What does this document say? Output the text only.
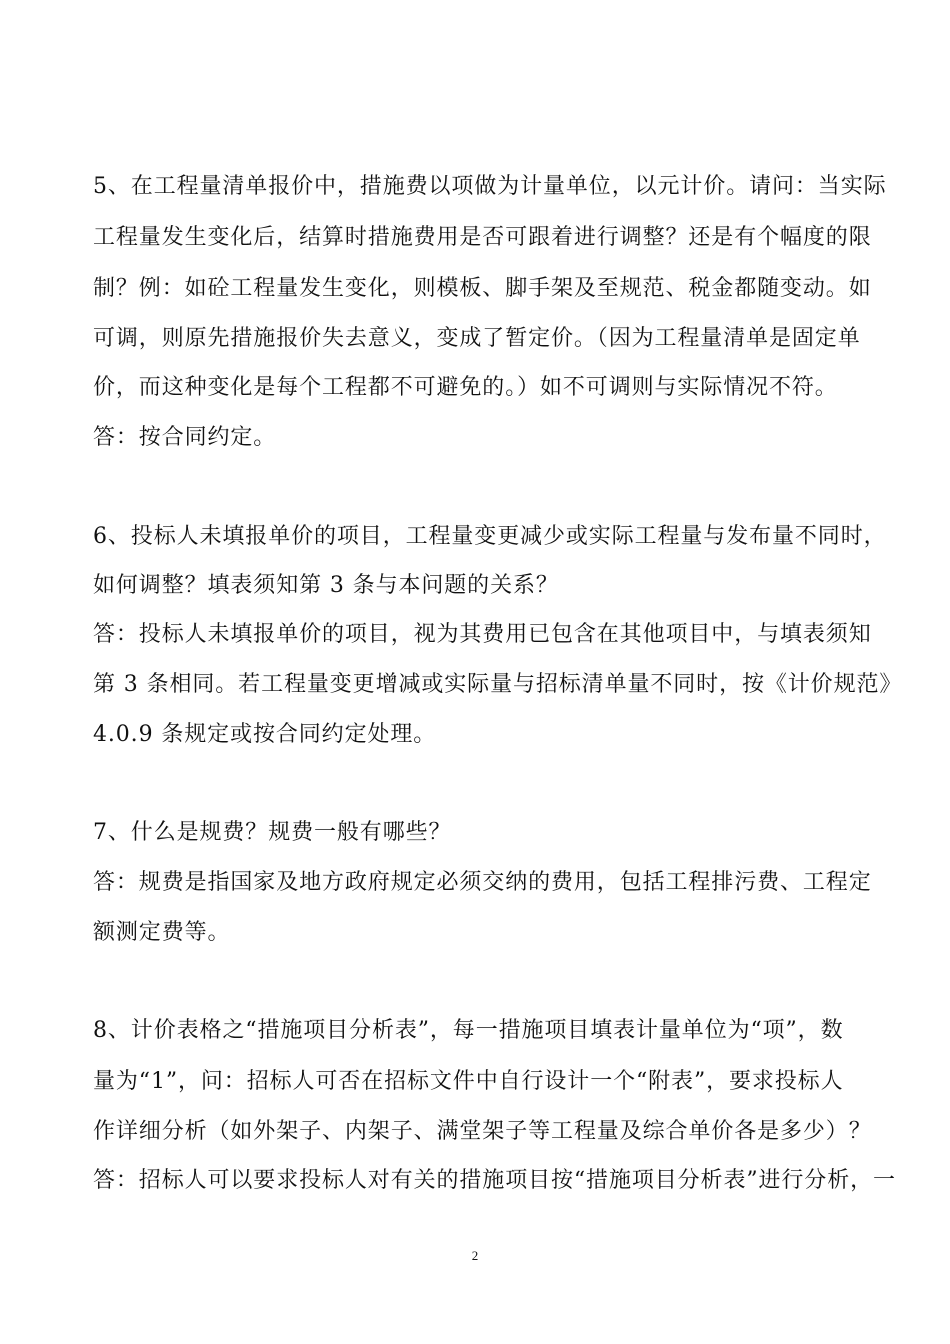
5、在工程量清单报价中，措施费以项做为计量单位，以元计价。请问：当实际
工程量发生变化后，结算时措施费用是否可跟着进行调整？还是有个幅度的限
制？例：如砼工程量发生变化，则模板、脚手架及至规范、税金都随变动。如
可调，则原先措施报价失去意义，变成了暂定价。（因为工程量清单是固定单
价，而这种变化是每个工程都不可避免的。）如不可调则与实际情况不符。
答：按合同约定。
6、投标人未填报单价的项目，工程量变更减少或实际工程量与发布量不同时，
如何调整？填表须知第 3 条与本问题的关系？
答：投标人未填报单价的项目，视为其费用已包含在其他项目中，与填表须知
第 3 条相同。若工程量变更增减或实际量与招标清单量不同时，按《计价规范》
4.0.9 条规定或按合同约定处理。
7、什么是规费？规费一般有哪些？
答：规费是指国家及地方政府规定必须交纳的费用，包括工程排污费、工程定
额测定费等。
8、计价表格之“措施项目分析表”，每一措施项目填表计量单位为“项”，数
量为“1”，问：招标人可否在招标文件中自行设计一个“附表”，要求投标人
作详细分析（如外架子、内架子、满堂架子等工程量及综合单价各是多少）？
答：招标人可以要求投标人对有关的措施项目按“措施项目分析表”进行分析，一
2
